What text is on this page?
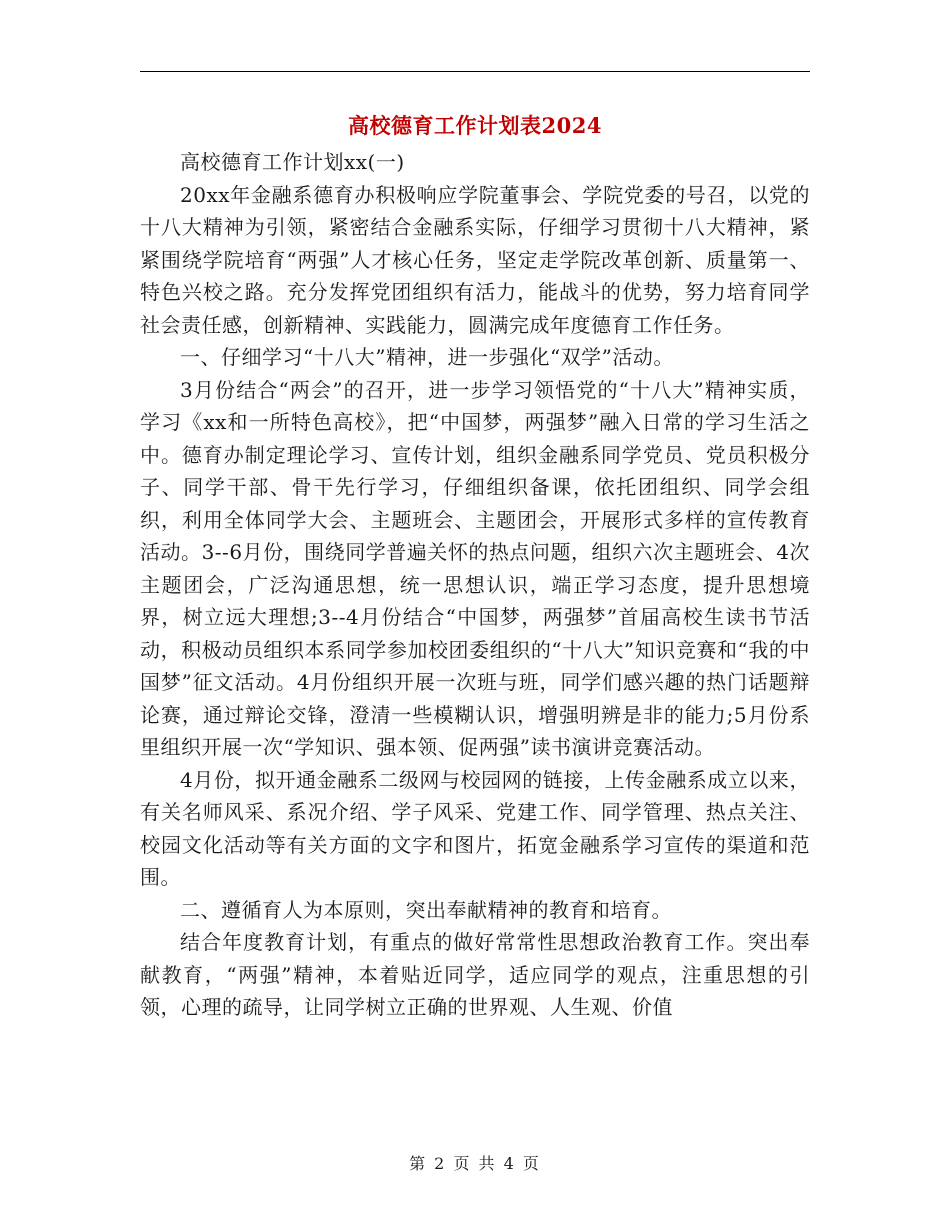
高校德育工作计划表2024

高校德育工作计划xx(一)

20xx年金融系德育办积极响应学院董事会、学院党委的号召，以党的十八大精神为引领，紧密结合金融系实际，仔细学习贯彻十八大精神，紧紧围绕学院培育“两强”人才核心任务，坚定走学院改革创新、质量第一、特色兴校之路。充分发挥党团组织有活力，能战斗的优势，努力培育同学社会责任感，创新精神、实践能力，圆满完成年度德育工作任务。

一、仔细学习“十八大”精神，进一步强化“双学”活动。

3月份结合“两会”的召开，进一步学习领悟党的“十八大”精神实质，学习《xx和一所特色高校》，把“中国梦，两强梦”融入日常的学习生活之中。德育办制定理论学习、宣传计划，组织金融系同学党员、党员积极分子、同学干部、骨干先行学习，仔细组织备课，依托团组织、同学会组织，利用全体同学大会、主题班会、主题团会，开展形式多样的宣传教育活动。3--6月份，围绕同学普遍关怀的热点问题，组织六次主题班会、4次主题团会，广泛沟通思想，统一思想认识，端正学习态度，提升思想境界，树立远大理想;3--4月份结合“中国梦，两强梦”首届高校生读书节活动，积极动员组织本系同学参加校团委组织的“十八大”知识竞赛和“我的中国梦”征文活动。4月份组织开展一次班与班，同学们感兴趣的热门话题辩论赛，通过辩论交锋，澄清一些模糊认识，增强明辨是非的能力;5月份系里组织开展一次“学知识、强本领、促两强”读书演讲竞赛活动。

4月份，拟开通金融系二级网与校园网的链接，上传金融系成立以来，有关名师风采、系况介绍、学子风采、党建工作、同学管理、热点关注、校园文化活动等有关方面的文字和图片，拓宽金融系学习宣传的渠道和范围。

二、遵循育人为本原则，突出奉献精神的教育和培育。

结合年度教育计划，有重点的做好常常性思想政治教育工作。突出奉献教育，“两强”精神，本着贴近同学，适应同学的观点，注重思想的引领，心理的疏导，让同学树立正确的世界观、人生观、价值

第 2 页 共 4 页
